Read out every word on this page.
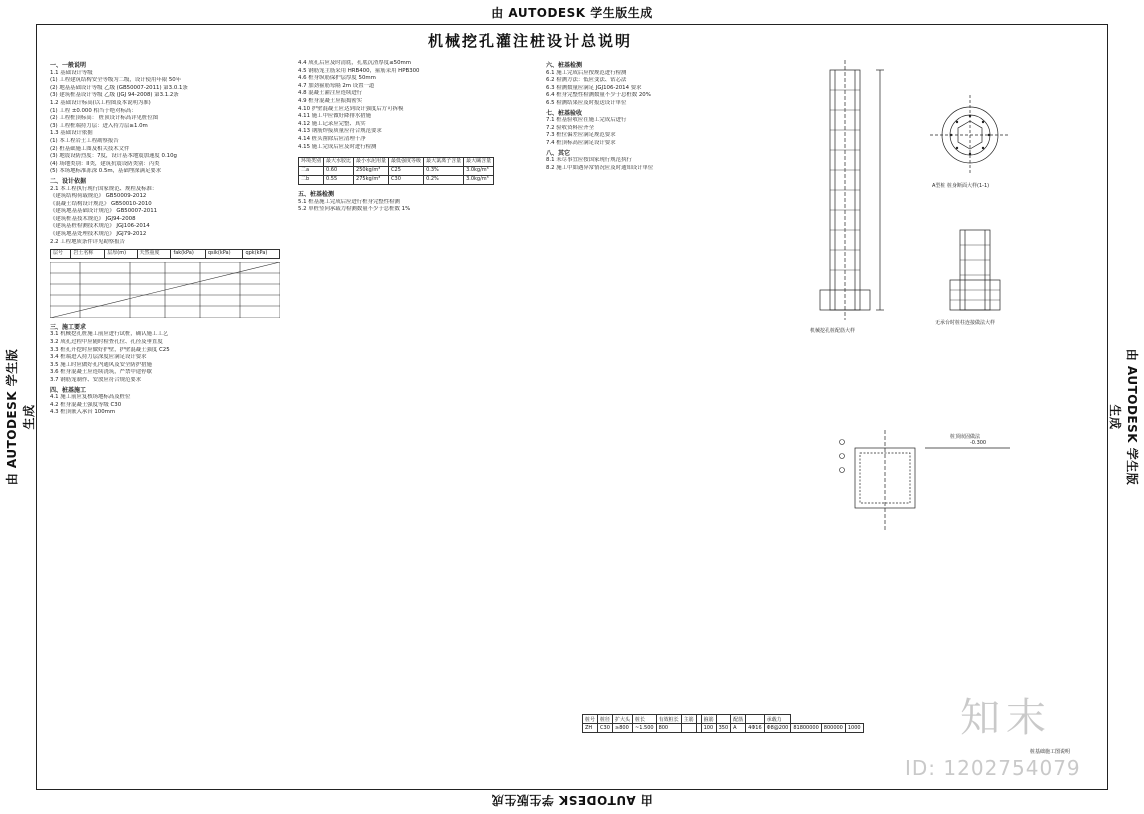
由 AUTODESK 学生版生成
由 AUTODESK 学生版生成
由 AUTODESK 学生版生成	由 AUTODESK 学生版生成
机械挖孔灌注桩设计总说明
一、一般说明
1.1 基础设计等级
(1) 工程建筑结构安全等级为二级，设计使用年限 50年
(2) 地基基础设计等级 乙级 (GB50007-2011) 第3.0.1条
(3) 建筑桩基设计等级 乙级 (JGJ 94-2008) 第3.1.2条
1.2 基础设计标高(以工程图及本说明为准)
(1) 工程 ±0.000 相当于绝对标高：
(2) 工程桩顶标高： 桩顶设计标高详见桩位图
(3) 工程桩端持力层：进入持力层≥1.0m
1.3 基础设计依据
(1) 本工程岩土工程勘察报告
(2) 桩基础施工图及相关技术文件
(3) 地震设防烈度：7度，设计基本地震加速度 0.10g
(4) 场地类别：II类，建筑抗震设防类别：丙类
(5) 本场地标准冻深 0.5m，基础埋深满足要求
二、设计依据
2.1 本工程执行现行国家规范、规程及标准：
《建筑结构荷载规范》 GB50009-2012
《混凝土结构设计规范》 GB50010-2010
《建筑地基基础设计规范》 GB50007-2011
《建筑桩基技术规范》 JGJ94-2008
《建筑基桩检测技术规范》 JGJ106-2014
《建筑地基处理技术规范》 JGJ79-2012
2.2 工程地质条件详见勘察报告
层号	岩土名称	层厚(m)	天然重度	fak(kPa)	qsik(kPa)	qpk(kPa)
三、施工要求
3.1 机械挖孔桩施工前应进行试桩，确认施工工艺
3.2 成孔过程中应随时检查孔位、孔径及垂直度
3.3 桩孔开挖时应做好护壁，护壁混凝土强度 C25
3.4 桩端进入持力层深度应满足设计要求
3.5 施工时应做好孔内通风及安全防护措施
3.6 桩身混凝土应连续浇筑，严禁中途停歇
3.7 钢筋笼制作、安放应符合规范要求
四、桩基施工
4.1 施工前应复核场地标高及桩位
4.2 桩身混凝土强度等级 C30
4.3 桩顶嵌入承台 100mm
4.4 成孔后应及时清底，孔底沉渣厚度≤50mm
4.5 钢筋笼主筋采用 HRB400，箍筋采用 HPB300
4.6 桩身纵筋保护层厚度 50mm
4.7 加劲箍筋每隔 2m 设置一道
4.8 混凝土灌注应连续进行
4.9 桩身混凝土应振捣密实
4.10 护壁混凝土应达到设计强度后方可拆模
4.11 施工中应做好降排水措施
4.12 施工记录应完整、真实
4.13 钢筋焊接质量应符合规范要求
4.14 桩头凿除后应清理干净
4.15 施工完成后应及时进行检测
环境类别	最大水胶比	最小水泥用量	最低强度等级	最大氯离子含量	最大碱含量
二a	0.60	250kg/m³	C25	0.3%	3.0kg/m³
二b	0.55	275kg/m³	C30	0.2%	3.0kg/m³
五、桩基检测
5.1 桩基施工完成后应进行桩身完整性检测
5.2 单桩竖向承载力检测数量不少于总桩数 1%
六、桩基检测
6.1 施工完成后应按规范进行检测
6.2 检测方法：低应变法、钻芯法
6.3 检测数量应满足 JGJ106-2014 要求
6.4 桩身完整性检测数量不少于总桩数 20%
6.5 检测结果应及时报送设计单位
七、桩基验收
7.1 桩基验收应在施工完成后进行
7.2 验收资料应齐全
7.3 桩位偏差应满足规范要求
7.4 桩顶标高应满足设计要求
八、其它
8.1 未尽事宜应按国家现行规范执行
8.2 施工中如遇异常情况应及时通知设计单位
机械挖孔桩配筋大样
A型桩 桩身断面大样(1-1)
无承台时桩柱连接做法大样
-0.300
桩顶嵌固做法
桩号	桩径	扩大头	桩长	有效桩长	主筋		箍筋		配筋		承载力			
ZH	C30	≥800	~1.500	800			100	350	A	4Φ16	Φ8@200	81800000	800000	1000
桩基础施工图说明
知末
ID: 1202754079
